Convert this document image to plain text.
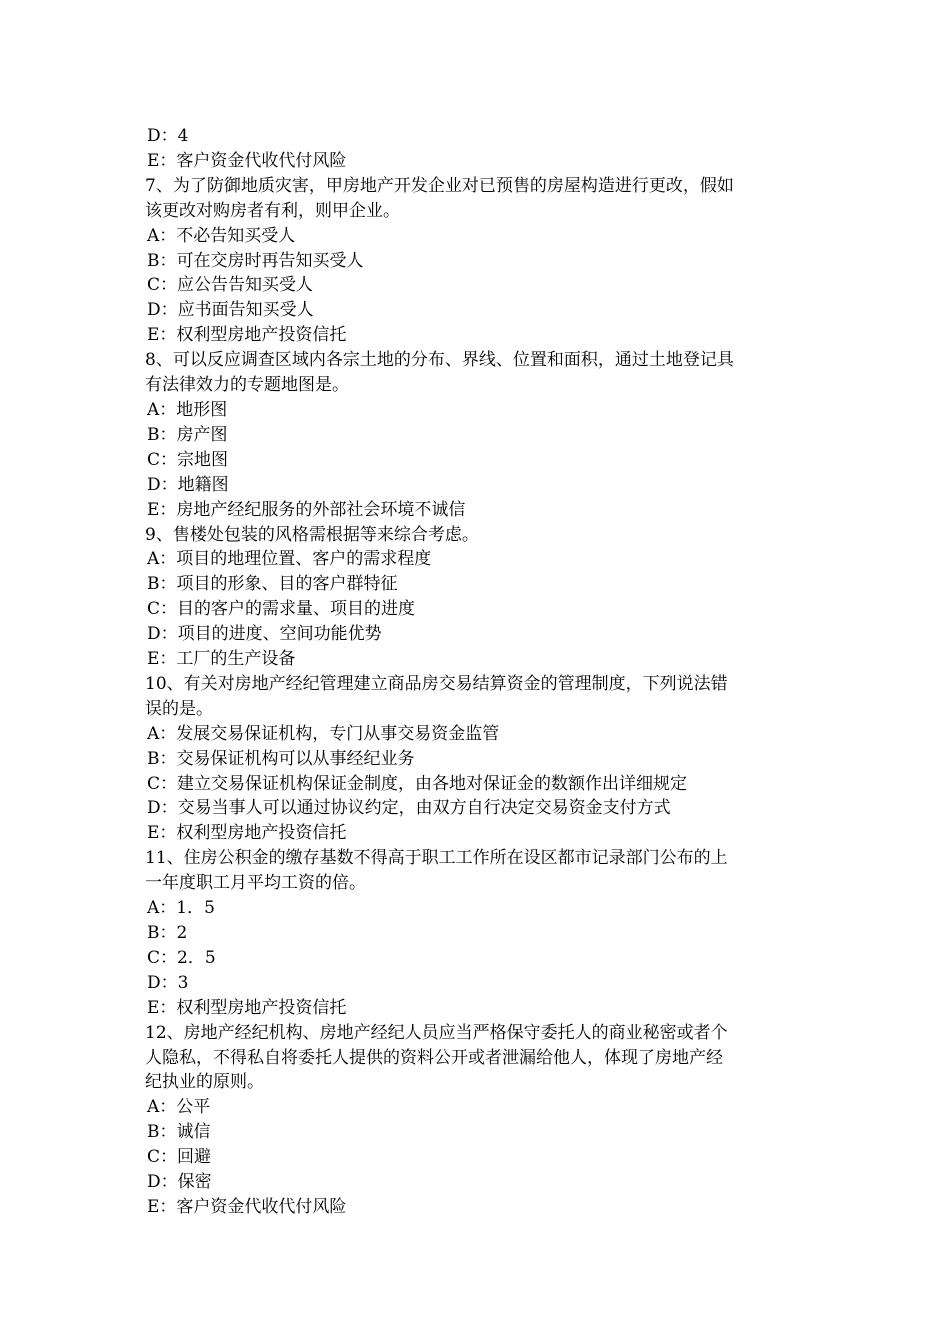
D：4
E：客户资金代收代付风险
7、为了防御地质灾害，甲房地产开发企业对已预售的房屋构造进行更改，假如
该更改对购房者有利，则甲企业。
A：不必告知买受人
B：可在交房时再告知买受人
C：应公告告知买受人
D：应书面告知买受人
E：权利型房地产投资信托
8、可以反应调查区域内各宗土地的分布、界线、位置和面积，通过土地登记具
有法律效力的专题地图是。
A：地形图
B：房产图
C：宗地图
D：地籍图
E：房地产经纪服务的外部社会环境不诚信
9、售楼处包装的风格需根据等来综合考虑。
A：项目的地理位置、客户的需求程度
B：项目的形象、目的客户群特征
C：目的客户的需求量、项目的进度
D：项目的进度、空间功能优势
E：工厂的生产设备
10、有关对房地产经纪管理建立商品房交易结算资金的管理制度，下列说法错
误的是。
A：发展交易保证机构，专门从事交易资金监管
B：交易保证机构可以从事经纪业务
C：建立交易保证机构保证金制度，由各地对保证金的数额作出详细规定
D：交易当事人可以通过协议约定，由双方自行决定交易资金支付方式
E：权利型房地产投资信托
11、住房公积金的缴存基数不得高于职工工作所在设区都市记录部门公布的上
一年度职工月平均工资的倍。
A：1．5
B：2
C：2．5
D：3
E：权利型房地产投资信托
12、房地产经纪机构、房地产经纪人员应当严格保守委托人的商业秘密或者个
人隐私，不得私自将委托人提供的资料公开或者泄漏给他人，体现了房地产经
纪执业的原则。
A：公平
B：诚信
C：回避
D：保密
E：客户资金代收代付风险
